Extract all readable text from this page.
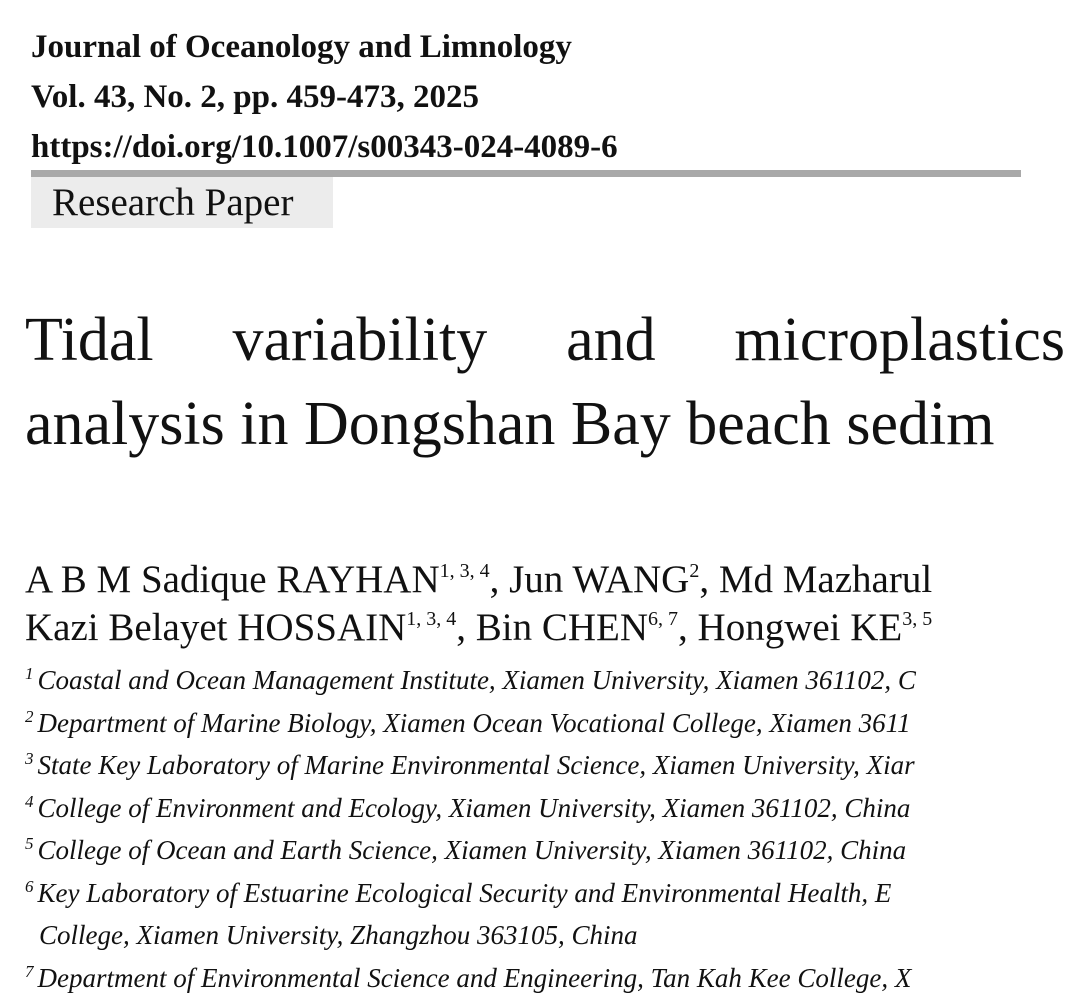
Journal of Oceanology and Limnology
Vol. 43, No. 2, pp. 459-473, 2025
https://doi.org/10.1007/s00343-024-4089-6
Research Paper
Tidal variability and microplastics
analysis in Dongshan Bay beach sedim
A B M Sadique RAYHAN$^{1, 3, 4}$, Jun WANG$^2$, Md Mazharul
Kazi Belayet HOSSAIN$^{1, 3, 4}$, Bin CHEN$^{6, 7}$, Hongwei KE$^{3, 5}$
$^1$ Coastal and Ocean Management Institute, Xiamen University, Xiamen 361102, C
$^2$ Department of Marine Biology, Xiamen Ocean Vocational College, Xiamen 3611
$^3$ State Key Laboratory of Marine Environmental Science, Xiamen University, Xiar
$^4$ College of Environment and Ecology, Xiamen University, Xiamen 361102, China
$^5$ College of Ocean and Earth Science, Xiamen University, Xiamen 361102, China
$^6$ Key Laboratory of Estuarine Ecological Security and Environmental Health, E
College, Xiamen University, Zhangzhou 363105, China
$^7$ Department of Environmental Science and Engineering, Tan Kah Kee College, X
